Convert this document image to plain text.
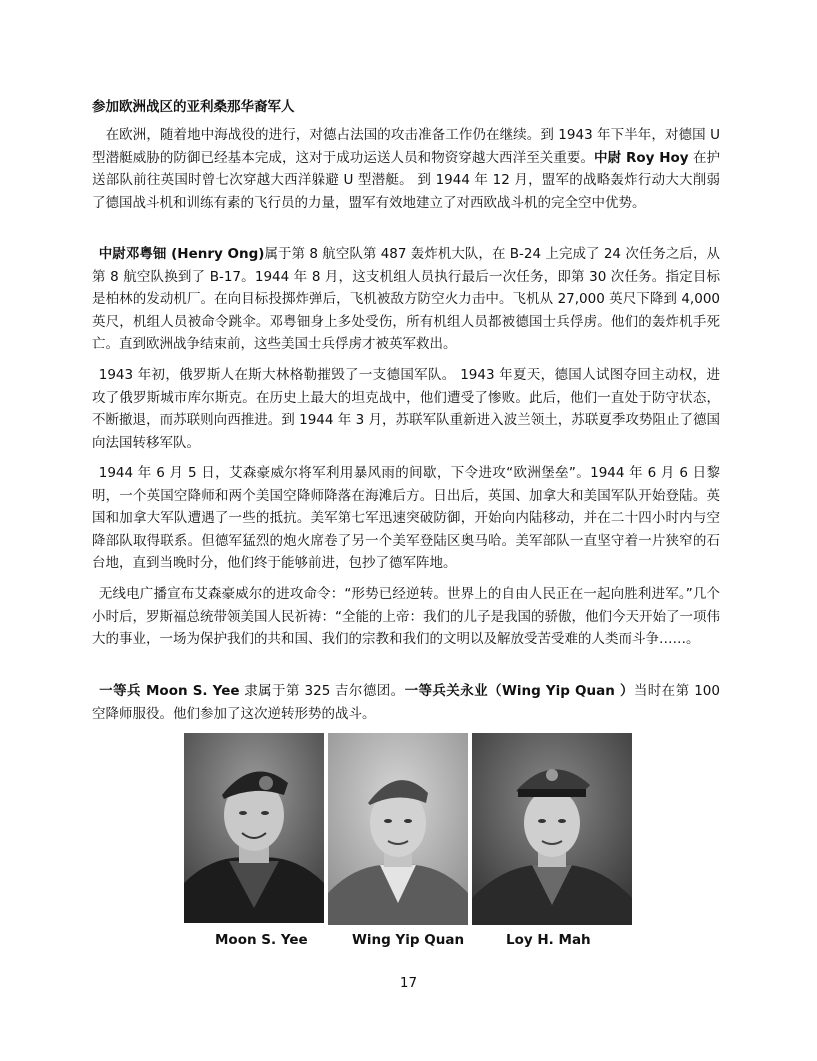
参加欧洲战区的亚利桑那华裔军人

 在欧洲，随着地中海战役的进行，对德占法国的攻击准备工作仍在继续。到 1943 年下半年，对德国 U 型潜艇威胁的防御已经基本完成，这对于成功运送人员和物资穿越大西洋至关重要。中尉 Roy Hoy 在护送部队前往英国时曾七次穿越大西洋躲避 U 型潜艇。 到 1944 年 12 月，盟军的战略轰炸行动大大削弱了德国战斗机和训练有素的飞行员的力量，盟军有效地建立了对西欧战斗机的完全空中优势。

 中尉邓粤钿 (Henry Ong)属于第 8 航空队第 487 轰炸机大队，在 B-24 上完成了 24 次任务之后，从第 8 航空队换到了 B-17。1944 年 8 月，这支机组人员执行最后一次任务，即第 30 次任务。指定目标是柏林的发动机厂。在向目标投掷炸弹后，飞机被敌方防空火力击中。飞机从 27,000 英尺下降到 4,000 英尺，机组人员被命令跳伞。邓粤钿身上多处受伤，所有机组人员都被德国士兵俘虏。他们的轰炸机手死亡。直到欧洲战争结束前，这些美国士兵俘虏才被英军救出。

 1943 年初，俄罗斯人在斯大林格勒摧毁了一支德国军队。 1943 年夏天，德国人试图夺回主动权，进攻了俄罗斯城市库尔斯克。在历史上最大的坦克战中，他们遭受了惨败。此后，他们一直处于防守状态，不断撤退，而苏联则向西推进。到 1944 年 3 月，苏联军队重新进入波兰领土，苏联夏季攻势阻止了德国向法国转移军队。

 1944 年 6 月 5 日，艾森豪威尔将军利用暴风雨的间歇，下令进攻“欧洲堡垒”。1944 年 6 月 6 日黎明，一个英国空降师和两个美国空降师降落在海滩后方。日出后，英国、加拿大和美国军队开始登陆。英国和加拿大军队遭遇了一些的抵抗。美军第七军迅速突破防御，开始向内陆移动，并在二十四小时内与空降部队取得联系。但德军猛烈的炮火席卷了另一个美军登陆区奥马哈。美军部队一直坚守着一片狭窄的石台地，直到当晚时分，他们终于能够前进，包抄了德军阵地。

 无线电广播宣布艾森豪威尔的进攻命令：“形势已经逆转。世界上的自由人民正在一起向胜利进军。”几个小时后，罗斯福总统带领美国人民祈祷：“全能的上帝：我们的儿子是我国的骄傲，他们今天开始了一项伟大的事业，一场为保护我们的共和国、我们的宗教和我们的文明以及解放受苦受难的人类而斗争……。

 一等兵 Moon S. Yee 隶属于第 325 吉尔德团。一等兵关永业（Wing Yip Quan ）当时在第 100 空降师服役。他们参加了这次逆转形势的战斗。

Moon S. Yee	Wing Yip Quan	Loy H. Mah
17
